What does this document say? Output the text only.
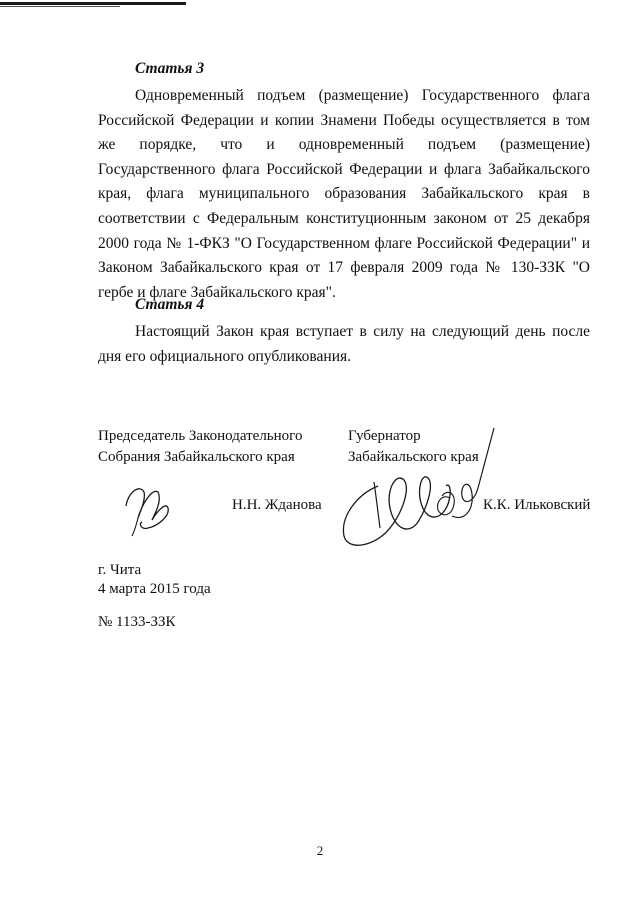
Статья 3

Одновременный подъем (размещение) Государственного флага Российской Федерации и копии Знамени Победы осуществляется в том же порядке, что и одновременный подъем (размещение) Государственного флага Российской Федерации и флага Забайкальского края, флага муниципального образования Забайкальского края в соответствии с Федеральным конституционным законом от 25 декабря 2000 года № 1-ФКЗ "О Государственном флаге Российской Федерации" и Законом Забайкальского края от 17 февраля 2009 года № 130-ЗЗК "О гербе и флаге Забайкальского края".

Статья 4

Настоящий Закон края вступает в силу на следующий день после дня его официального опубликования.

Председатель Законодательного
Собрания Забайкальского края
Губернатор
Забайкальского края
Н.Н. Жданова	К.К. Ильковский
г. Чита
4 марта 2015 года
№ 1133-ЗЗК
2
